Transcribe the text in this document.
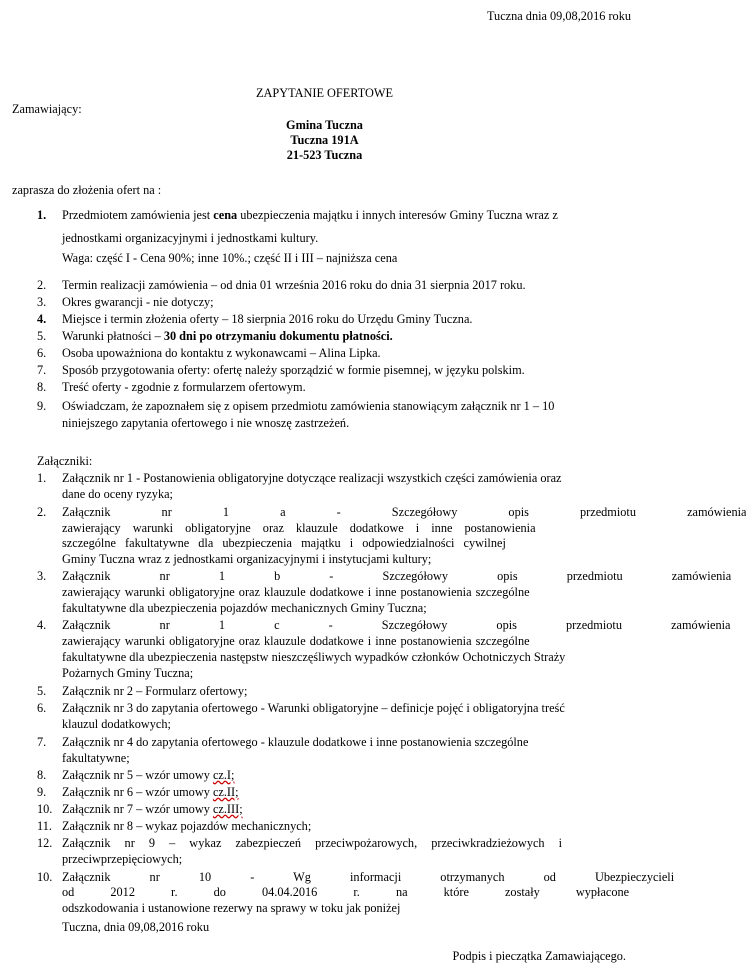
Tuczna dnia 09,08,2016 roku
ZAPYTANIE OFERTOWE
Zamawiający:
Gmina Tuczna
Tuczna 191A
21-523 Tuczna
zaprasza do złożenia ofert na :
1.	Przedmiotem zamówienia jest cena ubezpieczenia majątku i innych interesów Gminy Tuczna wraz z
jednostkami organizacyjnymi i jednostkami kultury.
Waga: część I - Cena 90%; inne 10%.; część II i III – najniższa cena
2.	Termin realizacji zamówienia – od dnia 01 września 2016 roku do dnia 31 sierpnia 2017 roku.
3.	Okres gwarancji - nie dotyczy;
4.	Miejsce i termin złożenia oferty – 18 sierpnia 2016 roku do Urzędu Gminy Tuczna.
5.	Warunki płatności – 30 dni po otrzymaniu dokumentu płatności.
6.	Osoba upoważniona do kontaktu z wykonawcami – Alina Lipka.
7.	Sposób przygotowania oferty: ofertę należy sporządzić w formie pisemnej, w języku polskim.
8.	Treść oferty - zgodnie z formularzem ofertowym.
9.	Oświadczam, że zapoznałem się z opisem przedmiotu zamówienia stanowiącym załącznik nr 1 – 10
niniejszego zapytania ofertowego i nie wnoszę zastrzeżeń.
Załączniki:
1.	Załącznik nr 1 - Postanowienia obligatoryjne dotyczące realizacji wszystkich części zamówienia oraz
dane do oceny ryzyka;
2.	Załącznik nr 1 a - Szczegółowy opis przedmiotu zamówienia
zawierający warunki obligatoryjne oraz klauzule dodatkowe i inne postanowienia
szczególne fakultatywne dla ubezpieczenia majątku i odpowiedzialności cywilnej
Gminy Tuczna wraz z jednostkami organizacyjnymi i instytucjami kultury;
3.	Załącznik nr 1 b - Szczegółowy opis przedmiotu zamówienia
zawierający warunki obligatoryjne oraz klauzule dodatkowe i inne postanowienia szczególne
fakultatywne dla ubezpieczenia pojazdów mechanicznych Gminy Tuczna;
4.	Załącznik nr 1 c - Szczegółowy opis przedmiotu zamówienia
zawierający warunki obligatoryjne oraz klauzule dodatkowe i inne postanowienia szczególne
fakultatywne dla ubezpieczenia następstw nieszczęśliwych wypadków członków Ochotniczych Straży
Pożarnych Gminy Tuczna;
5.	Załącznik nr 2 – Formularz ofertowy;
6.	Załącznik nr 3 do zapytania ofertowego - Warunki obligatoryjne – definicje pojęć i obligatoryjna treść
klauzul dodatkowych;
7.	Załącznik nr 4 do zapytania ofertowego - klauzule dodatkowe i inne postanowienia szczególne
fakultatywne;
8.	Załącznik nr 5 – wzór umowy cz.I;
9.	Załącznik nr 6 – wzór umowy cz.II;
10. Załącznik nr 7 – wzór umowy cz.III;
11. Załącznik nr 8 – wykaz pojazdów mechanicznych;
12. Załącznik nr 9 – wykaz zabezpieczeń przeciwpożarowych, przeciwkradzieżowych i
przeciwprzepięciowych;
10. Załącznik nr 10 - Wg informacji otrzymanych od Ubezpieczycieli
od 2012 r. do 04.04.2016 r. na które zostały wypłacone
odszkodowania i ustanowione rezerwy na sprawy w toku jak poniżej
Tuczna, dnia 09,08,2016 roku
Podpis i pieczątka Zamawiającego.
